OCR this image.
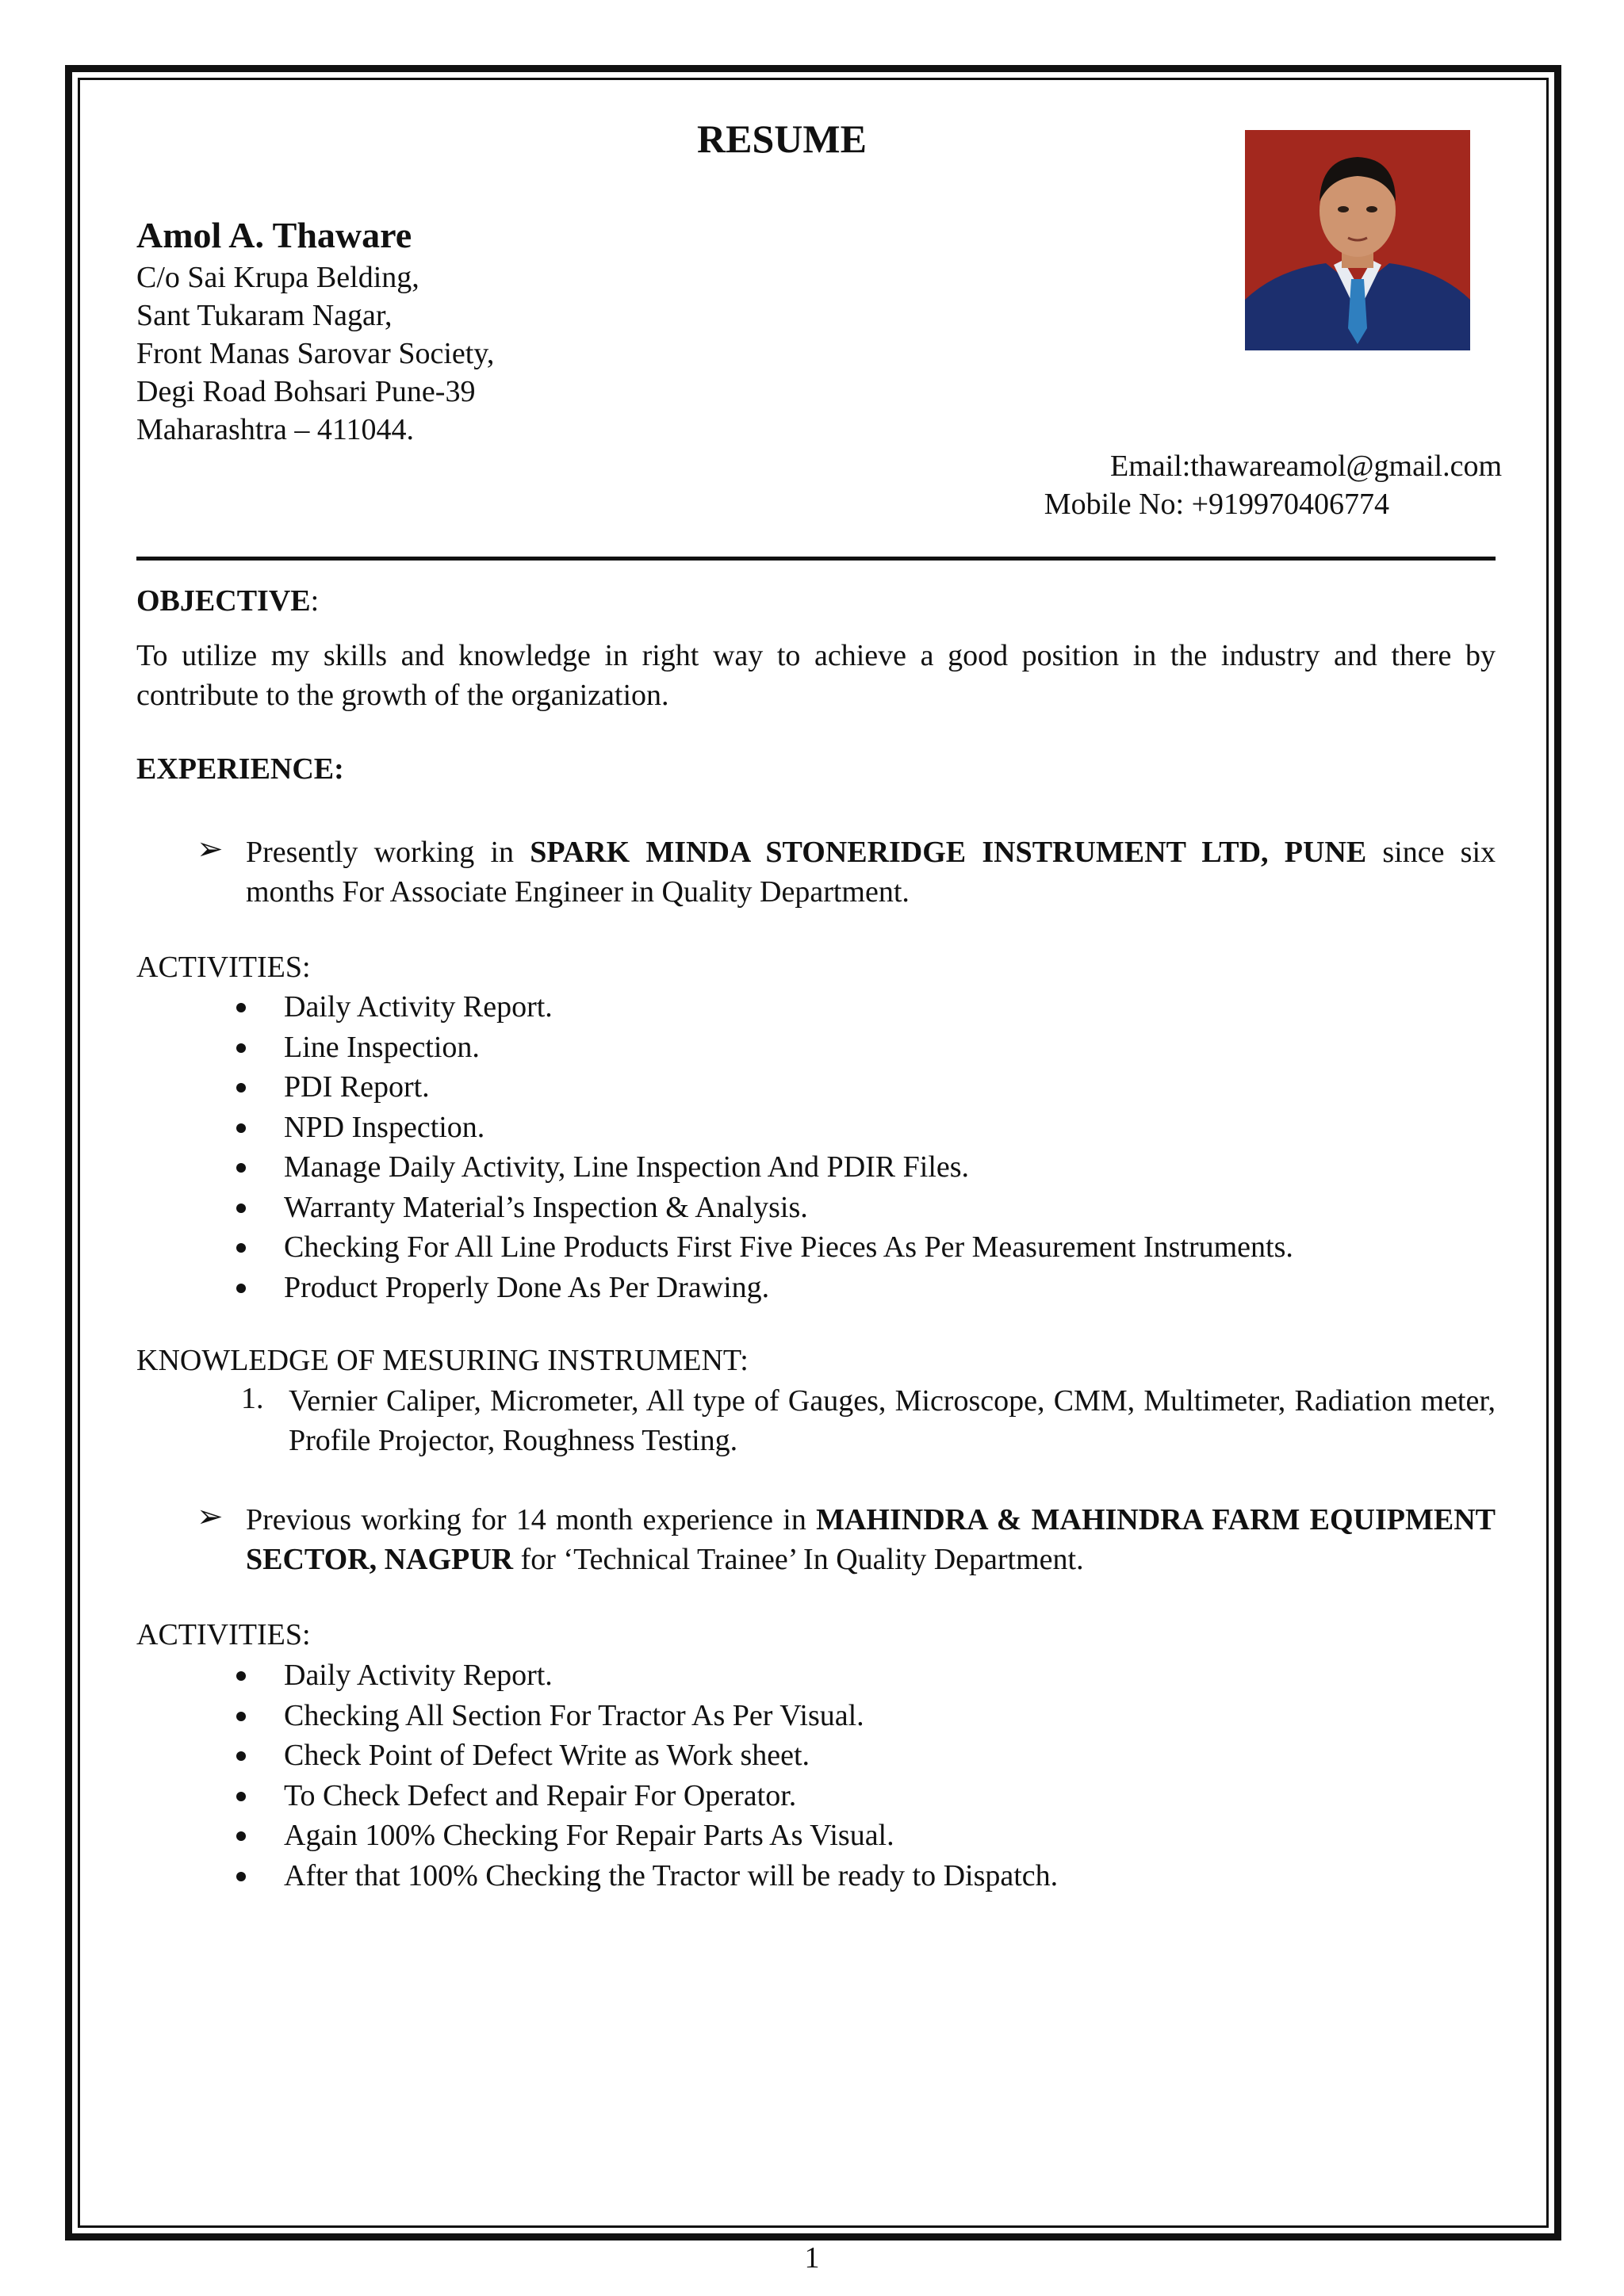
RESUME
Amol A. Thaware
C/o Sai Krupa Belding,
Sant Tukaram Nagar,
Front Manas Sarovar Society,
Degi Road Bohsari Pune-39
Maharashtra – 411044.
Email:thawareamol@gmail.com
Mobile No: +919970406774
OBJECTIVE:
To utilize my skills and knowledge in right way to achieve a good position in the industry and there by contribute to the growth of the organization.
EXPERIENCE:
➢ Presently working in SPARK MINDA STONERIDGE INSTRUMENT LTD, PUNE since six months For Associate Engineer in Quality Department.
ACTIVITIES:
Daily Activity Report.
Line Inspection.
PDI Report.
NPD Inspection.
Manage Daily Activity, Line Inspection And PDIR Files.
Warranty Material’s Inspection & Analysis.
Checking For All Line Products First Five Pieces As Per Measurement Instruments.
Product Properly Done As Per Drawing.
KNOWLEDGE OF MESURING INSTRUMENT:
1. Vernier Caliper, Micrometer, All type of Gauges, Microscope, CMM, Multimeter, Radiation meter, Profile Projector, Roughness Testing.
➢ Previous working for 14 month experience in MAHINDRA & MAHINDRA FARM EQUIPMENT SECTOR, NAGPUR for ‘Technical Trainee’ In Quality Department.
ACTIVITIES:
Daily Activity Report.
Checking All Section For Tractor As Per Visual.
Check Point of Defect Write as Work sheet.
To Check Defect and Repair For Operator.
Again 100% Checking For Repair Parts As Visual.
After that 100% Checking the Tractor will be ready to Dispatch.
1
